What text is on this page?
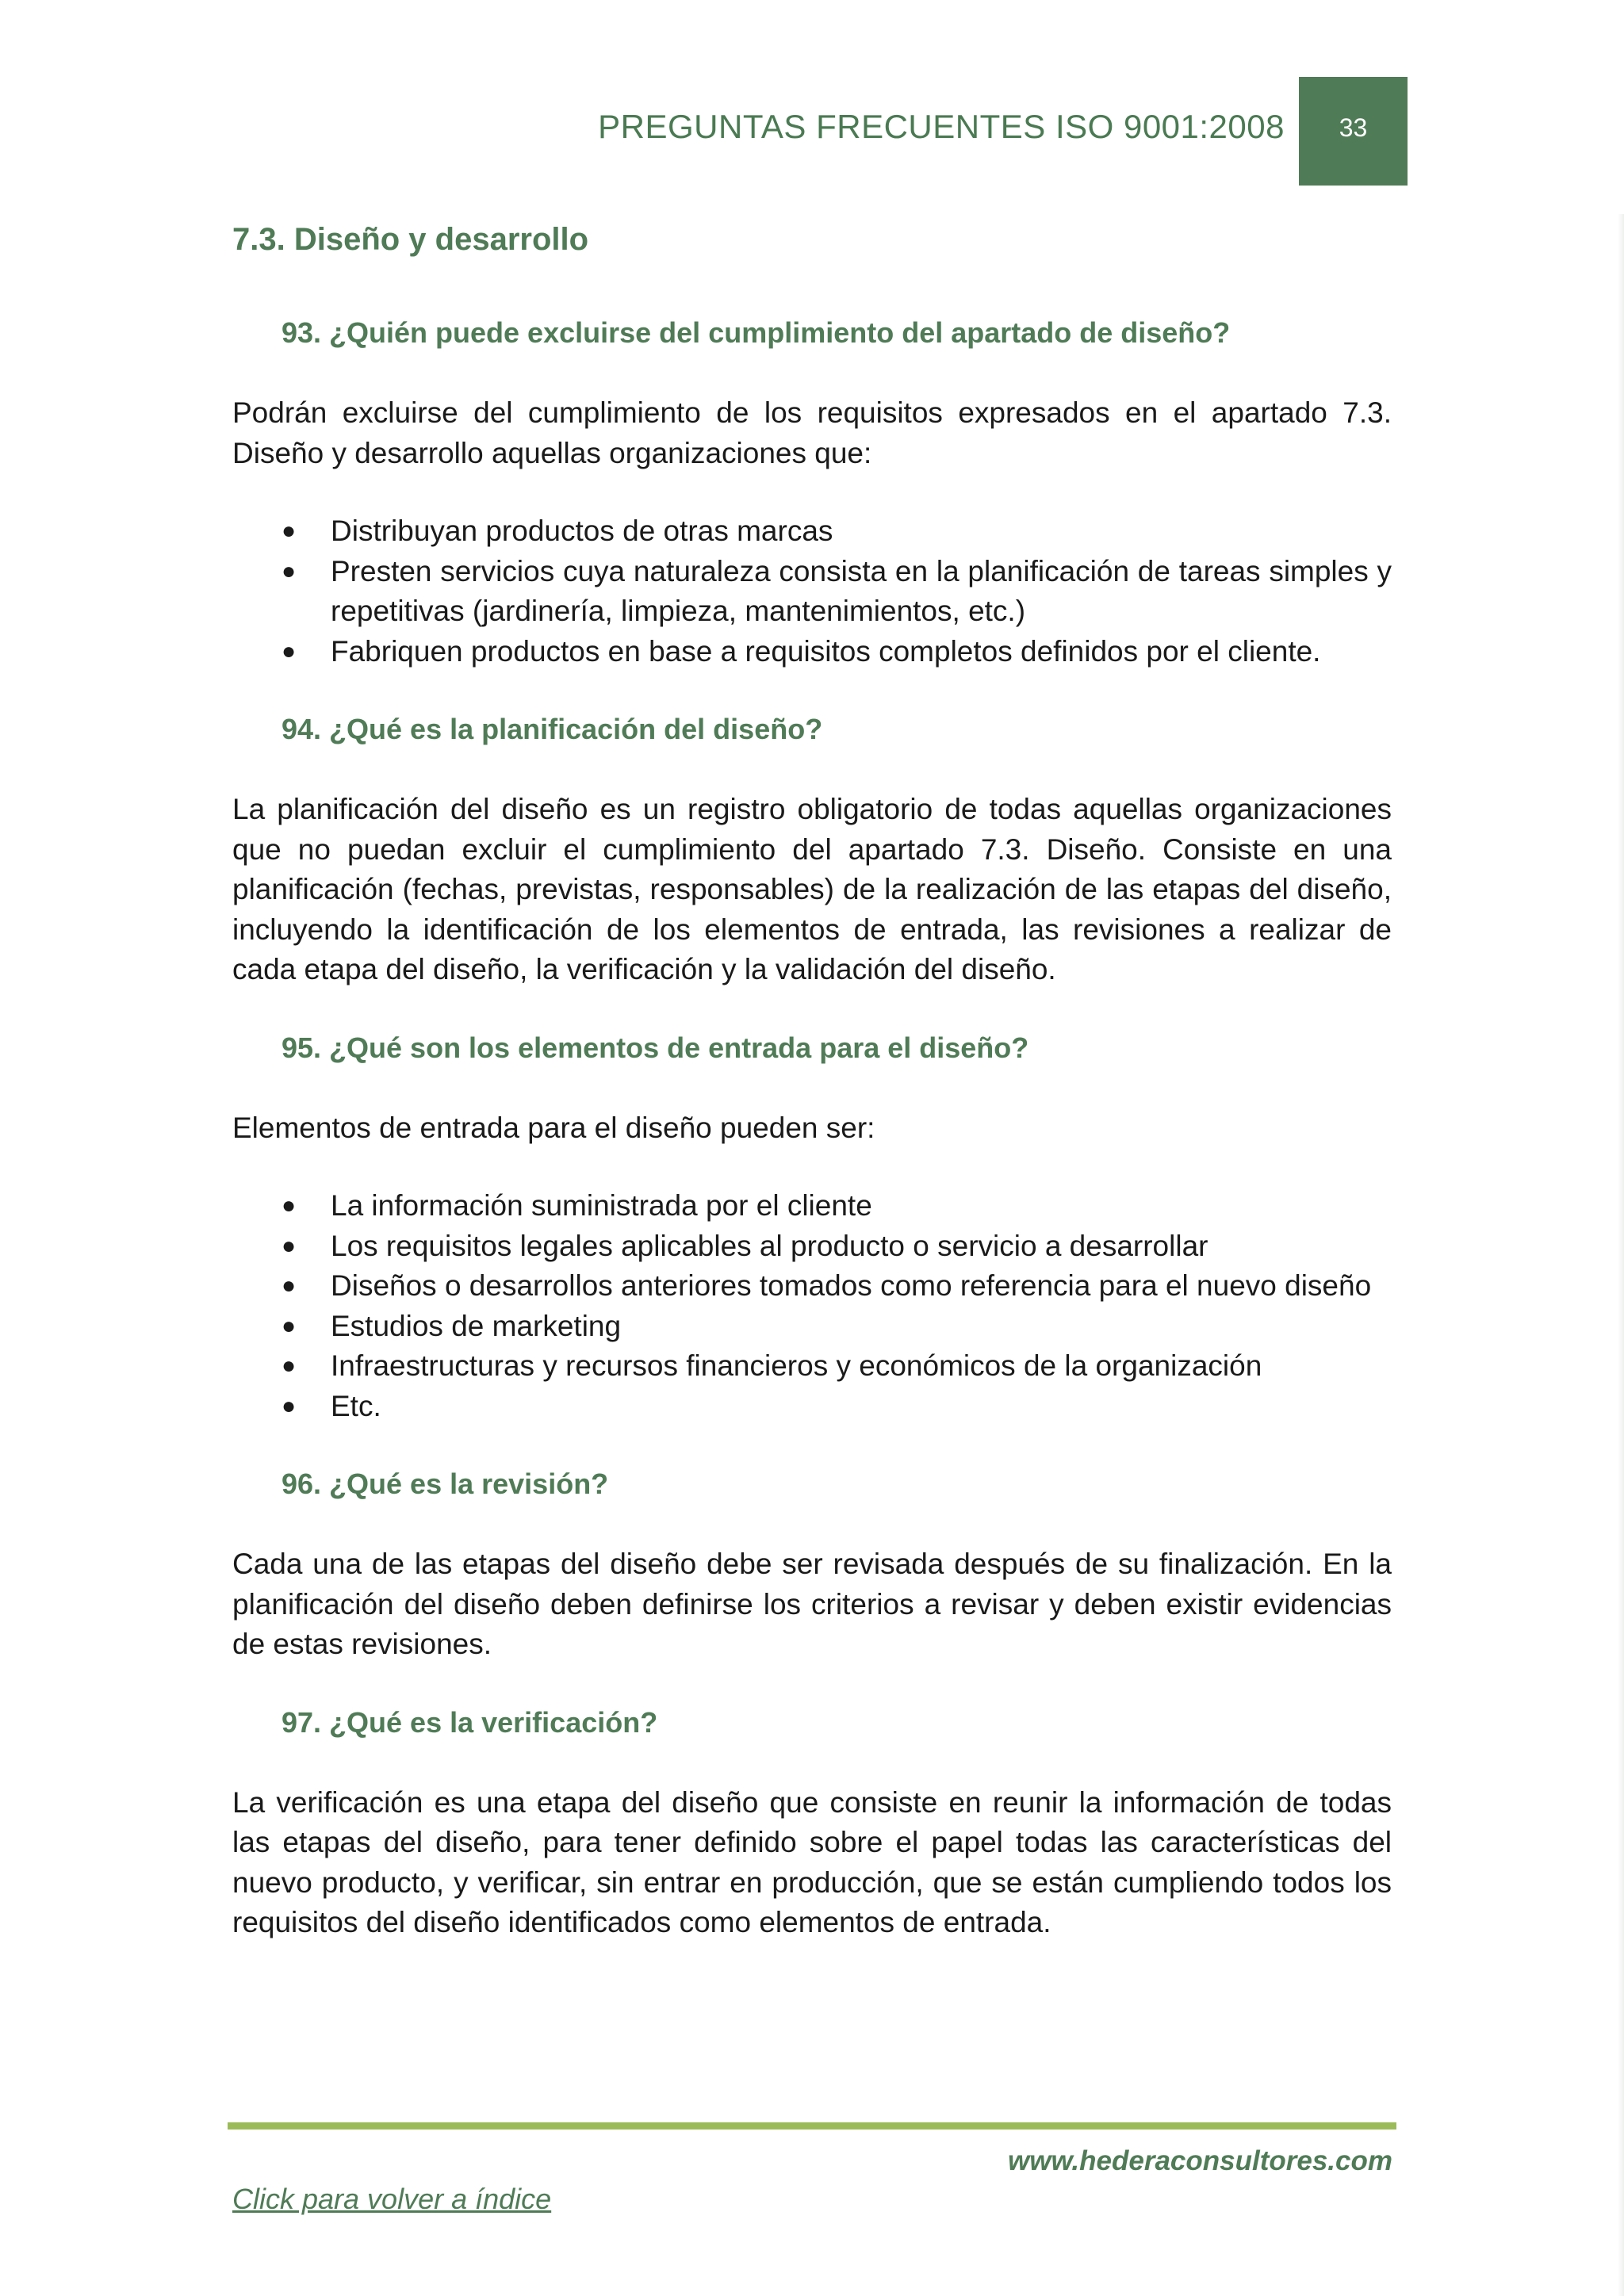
PREGUNTAS FRECUENTES ISO 9001:2008	33
7.3. Diseño y desarrollo

93. ¿Quién puede excluirse del cumplimiento del apartado de diseño?

Podrán excluirse del cumplimiento de los requisitos expresados en el apartado 7.3. Diseño y desarrollo aquellas organizaciones que:

● Distribuyan productos de otras marcas
● Presten servicios cuya naturaleza consista en la planificación de tareas simples y repetitivas (jardinería, limpieza, mantenimientos, etc.)
● Fabriquen productos en base a requisitos completos definidos por el cliente.

94. ¿Qué es la planificación del diseño?

La planificación del diseño es un registro obligatorio de todas aquellas organizaciones que no puedan excluir el cumplimiento del apartado 7.3. Diseño. Consiste en una planificación (fechas, previstas, responsables) de la realización de las etapas del diseño, incluyendo la identificación de los elementos de entrada, las revisiones a realizar de cada etapa del diseño, la verificación y la validación del diseño.

95. ¿Qué son los elementos de entrada para el diseño?

Elementos de entrada para el diseño pueden ser:

● La información suministrada por el cliente
● Los requisitos legales aplicables al producto o servicio a desarrollar
● Diseños o desarrollos anteriores tomados como referencia para el nuevo diseño
● Estudios de marketing
● Infraestructuras y recursos financieros y económicos de la organización
● Etc.

96. ¿Qué es la revisión?

Cada una de las etapas del diseño debe ser revisada después de su finalización. En la planificación del diseño deben definirse los criterios a revisar y deben existir evidencias de estas revisiones.

97. ¿Qué es la verificación?

La verificación es una etapa del diseño que consiste en reunir la información de todas las etapas del diseño, para tener definido sobre el papel todas las características del nuevo producto, y verificar, sin entrar en producción, que se están cumpliendo todos los requisitos del diseño identificados como elementos de entrada.

www.hederaconsultores.com
Click para volver a índice
